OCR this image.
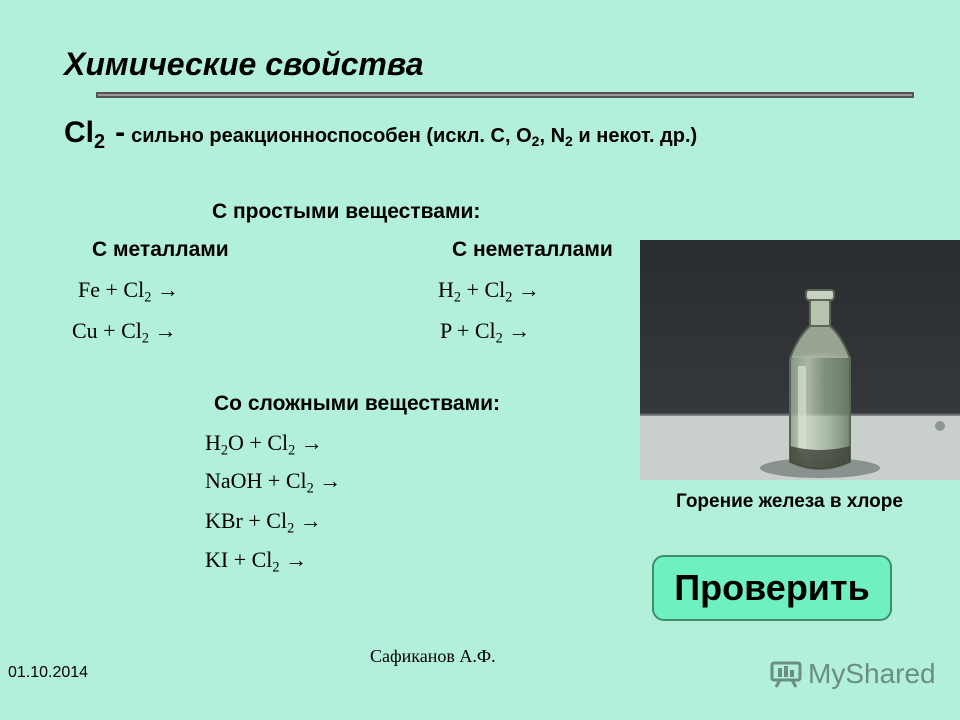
Химические свойства
$Cl_2$ - сильно реакционноспособен (искл. C, $O_2$, $N_2$ и некот. др.)
С простыми веществами:
С металлами	С неметаллами
$Fe + Cl_2$ →
$Cu + Cl_2$ →
$H_2 + Cl_2$ →
$P + Cl_2$ →
Со сложными веществами:
$H_2O + Cl_2$ →
NaOH + $Cl_2$ →
KBr + $Cl_2$ →
KI + $Cl_2$ →
Горение железа в хлоре
Проверить
01.10.2014
Сафиканов А.Ф.
MyShared
